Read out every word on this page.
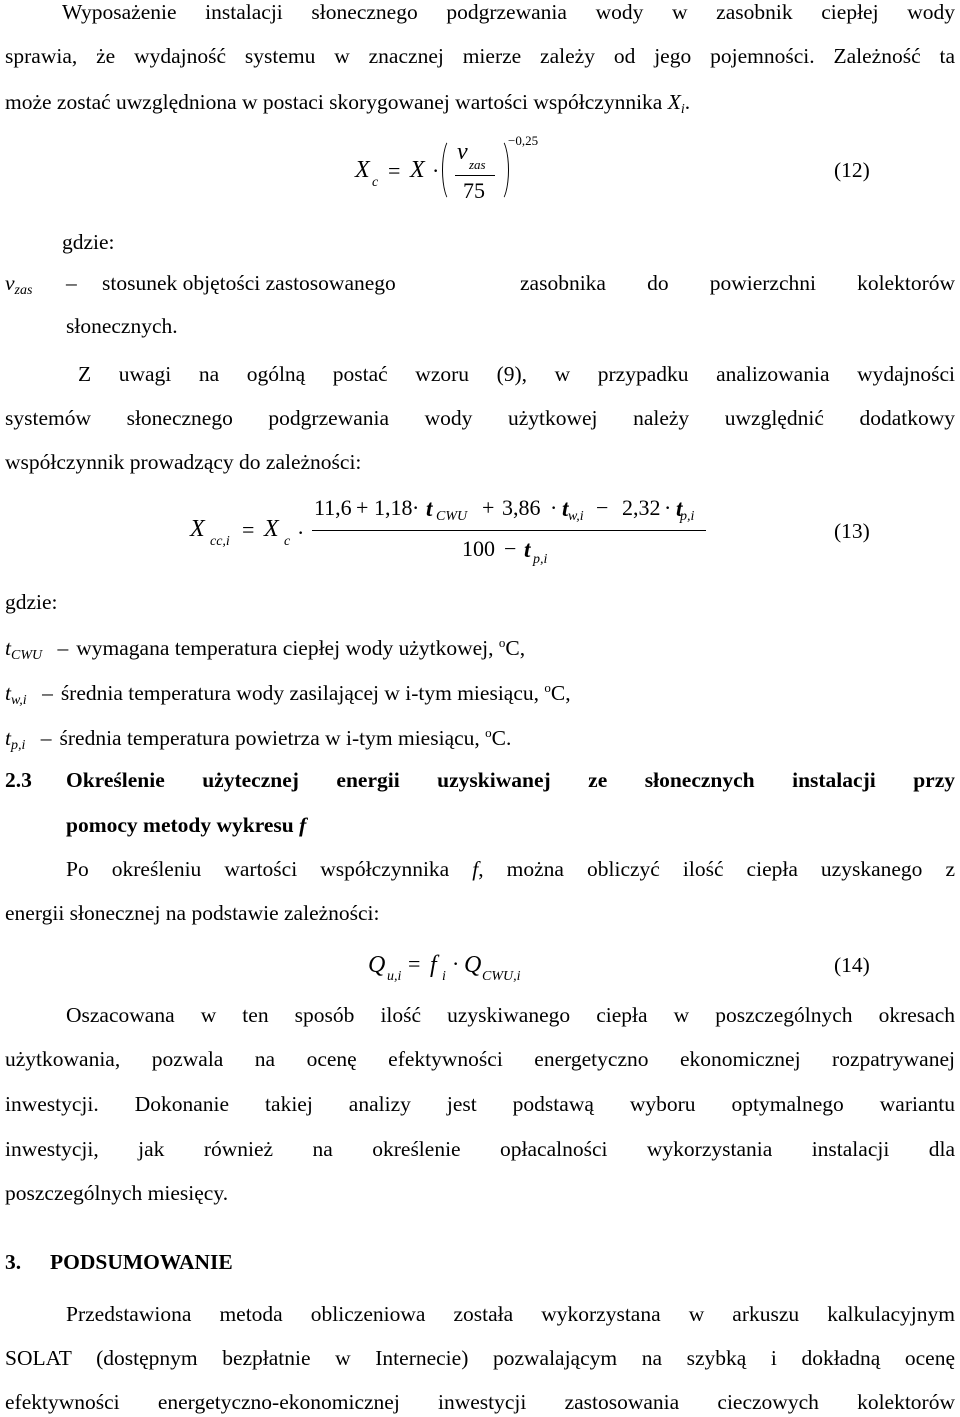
Wyposażenie instalacji słonecznego podgrzewania wody w zasobnik ciepłej wody
sprawia, że wydajność systemu w znacznej mierze zależy od jego pojemności. Zależność ta
może zostać uwzględniona w postaci skorygowanej wartości współczynnika Xi.
X c = X ·
v zas
75
−0,25
(12)
gdzie:
vzas	–	stosunek objętości zastosowanego	zasobnika do powierzchni kolektorów
słonecznych.
Z uwagi na ogólną postać wzoru (9), w przypadku analizowania wydajności
systemów słonecznego podgrzewania wody użytkowej należy uwzględnić dodatkowy
współczynnik prowadzący do zależności:
X cc,i = X c ·
11,6 + 1,18 · t CWU + 3,86 · t w,i − 2,32 · t
p,i
100 − t p,i
(13)
gdzie:
tCWU – wymagana temperatura ciepłej wody użytkowej, $^o$C,
tw,i – średnia temperatura wody zasilającej w i-tym miesiącu, $^o$C,
tp,i – średnia temperatura powietrza w i-tym miesiącu, $^o$C.
2.3	Określenie użytecznej energii uzyskiwanej ze słonecznych instalacji przy
pomocy metody wykresu f
Po określeniu wartości współczynnika f, można obliczyć ilość ciepła uzyskanego z
energii słonecznej na podstawie zależności:
Q u,i
= f i
· Q CWU,i	(14)
Oszacowana w ten sposób ilość uzyskiwanego ciepła w poszczególnych okresach
użytkowania, pozwala na ocenę efektywności energetyczno ekonomicznej rozpatrywanej
inwestycji. Dokonanie takiej analizy jest podstawą wyboru optymalnego wariantu
inwestycji, jak również na określenie opłacalności wykorzystania instalacji dla
poszczególnych miesięcy.
3.	PODSUMOWANIE
Przedstawiona metoda obliczeniowa została wykorzystana w arkuszu kalkulacyjnym
SOLAT (dostępnym bezpłatnie w Internecie) pozwalającym na szybką i dokładną ocenę
efektywności energetyczno-ekonomicznej inwestycji zastosowania cieczowych kolektorów
